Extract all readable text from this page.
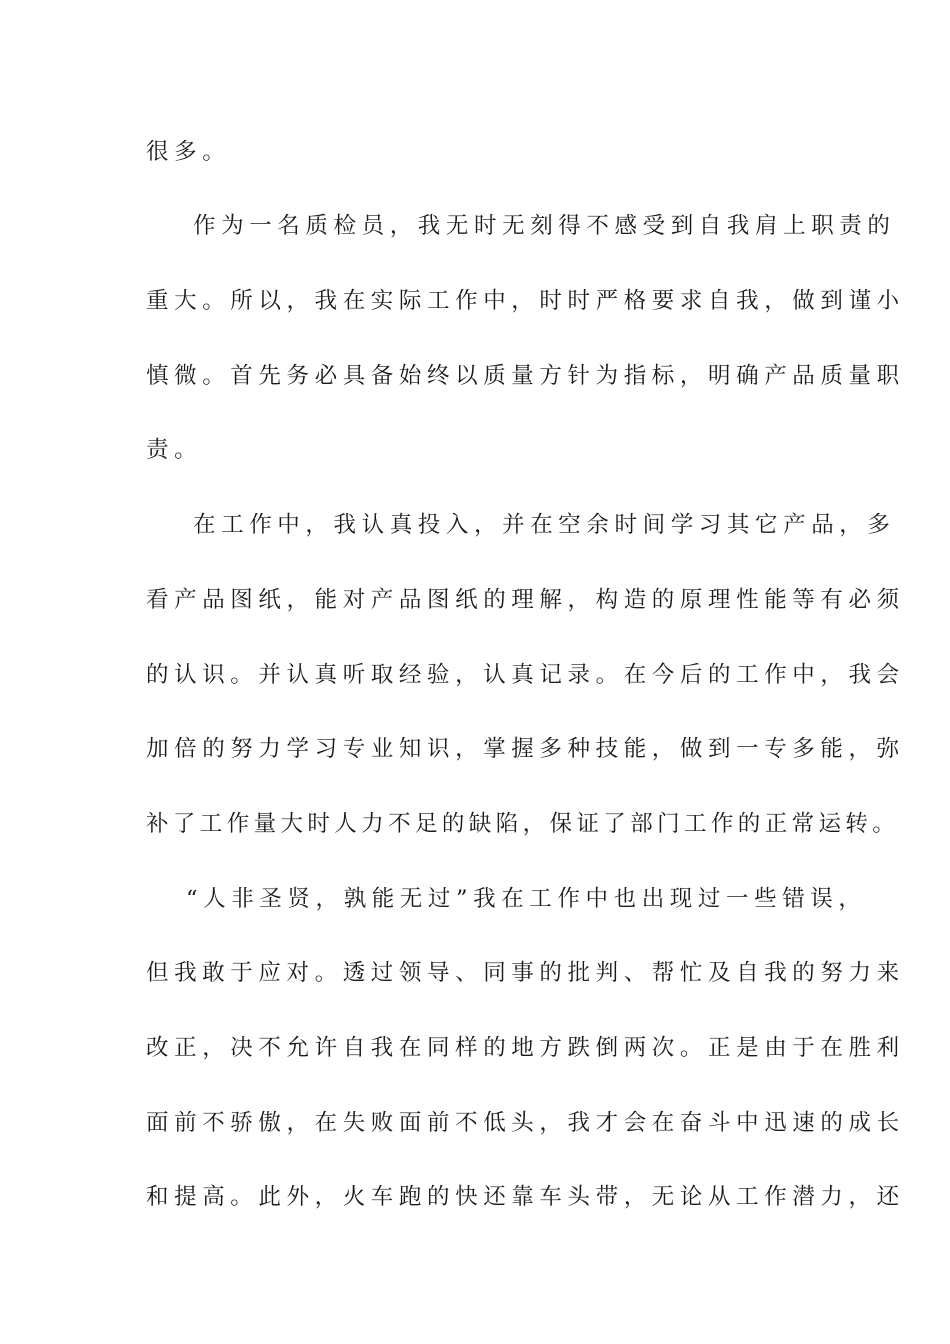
很多。
作为一名质检员，我无时无刻得不感受到自我肩上职责的
重大。所以，我在实际工作中，时时严格要求自我，做到谨小
慎微。首先务必具备始终以质量方针为指标，明确产品质量职
责。
在工作中，我认真投入，并在空余时间学习其它产品，多
看产品图纸，能对产品图纸的理解，构造的原理性能等有必须
的认识。并认真听取经验，认真记录。在今后的工作中，我会
加倍的努力学习专业知识，掌握多种技能，做到一专多能，弥
补了工作量大时人力不足的缺陷，保证了部门工作的正常运转。
“人非圣贤，孰能无过”我在工作中也出现过一些错误，
但我敢于应对。透过领导、同事的批判、帮忙及自我的努力来
改正，决不允许自我在同样的地方跌倒两次。正是由于在胜利
面前不骄傲，在失败面前不低头，我才会在奋斗中迅速的成长
和提高。此外，火车跑的快还靠车头带，无论从工作潜力，还
